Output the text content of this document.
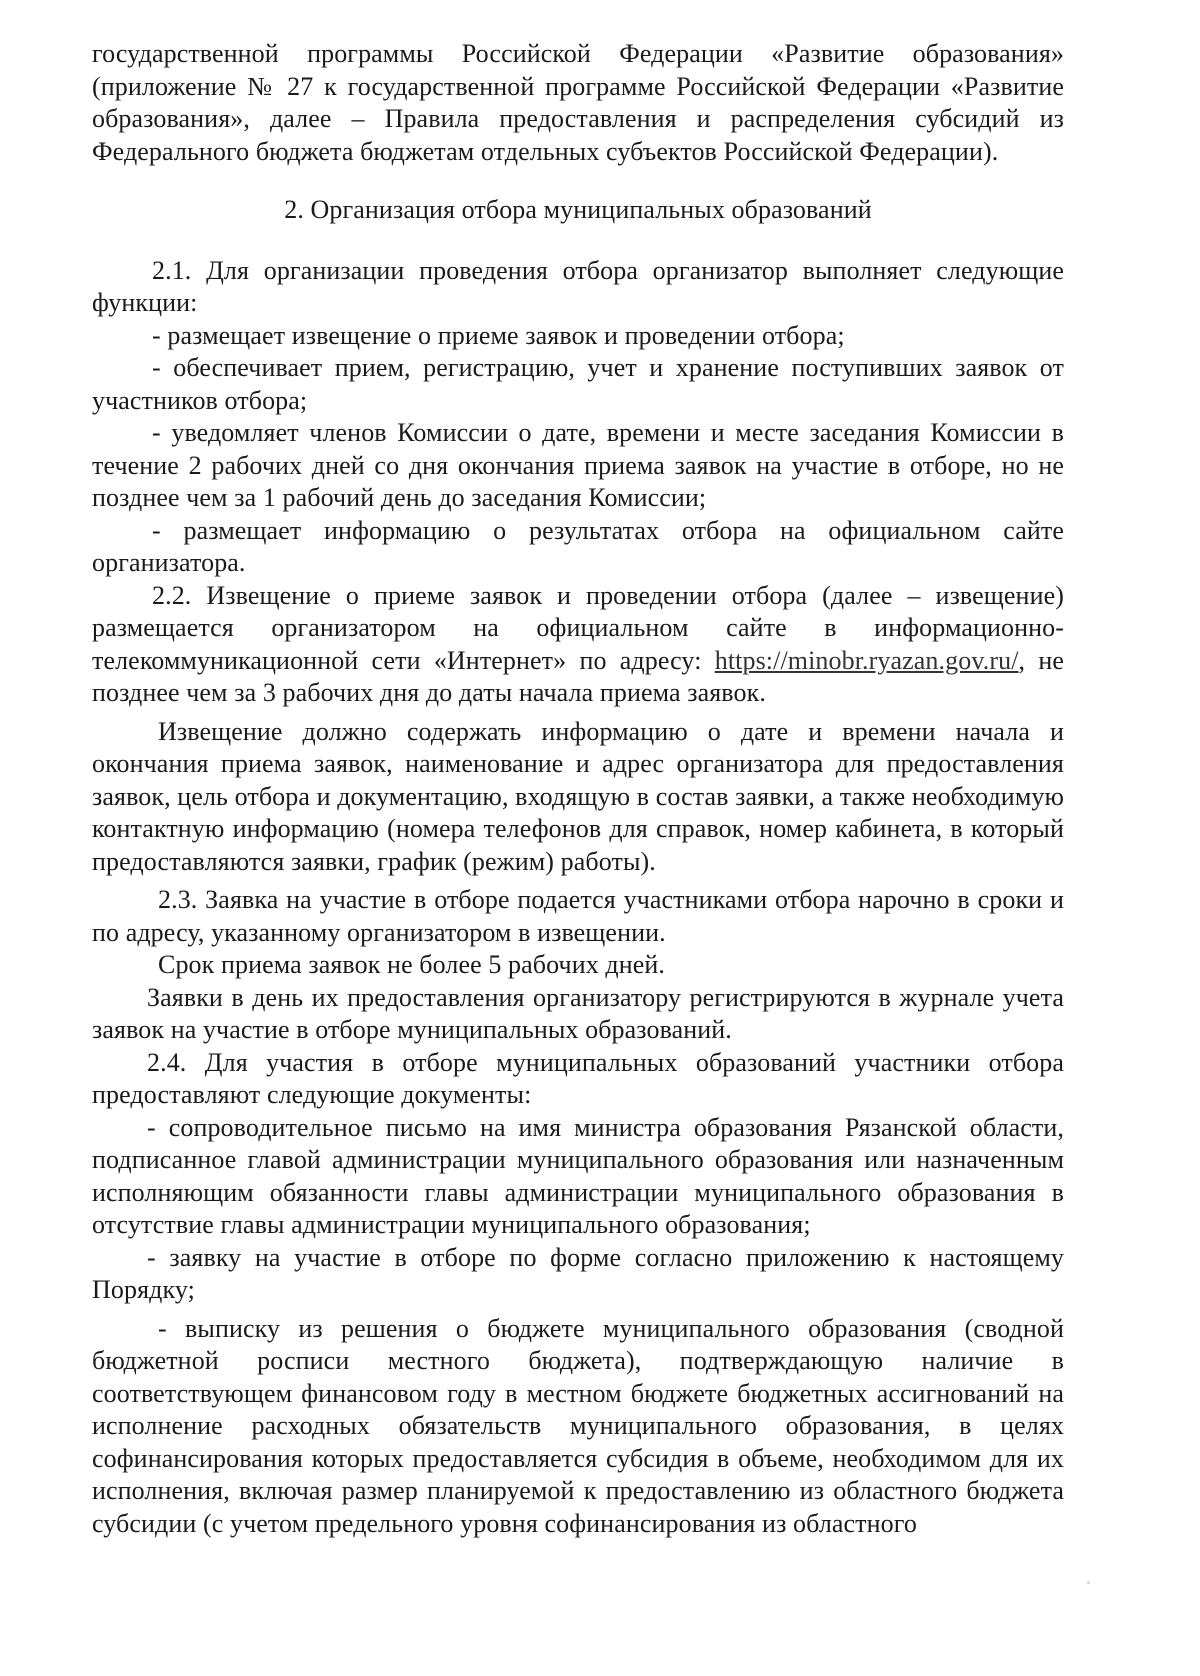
государственной программы Российской Федерации «Развитие образования» (приложение № 27 к государственной программе Российской Федерации «Развитие образования», далее – Правила предоставления и распределения субсидий из Федерального бюджета бюджетам отдельных субъектов Российской Федерации).

2. Организация отбора муниципальных образований

2.1. Для организации проведения отбора организатор выполняет следующие функции:

- размещает извещение о приеме заявок и проведении отбора;

- обеспечивает прием, регистрацию, учет и хранение поступивших заявок от участников отбора;

- уведомляет членов Комиссии о дате, времени и месте заседания Комиссии в течение 2 рабочих дней со дня окончания приема заявок на участие в отборе, но не позднее чем за 1 рабочий день до заседания Комиссии;

- размещает информацию о результатах отбора на официальном сайте организатора.

2.2. Извещение о приеме заявок и проведении отбора (далее – извещение) размещается организатором на официальном сайте в информационно-телекоммуникационной сети «Интернет» по адресу: https://minobr.ryazan.gov.ru/, не позднее чем за 3 рабочих дня до даты начала приема заявок.

Извещение должно содержать информацию о дате и времени начала и окончания приема заявок, наименование и адрес организатора для предоставления заявок, цель отбора и документацию, входящую в состав заявки, а также необходимую контактную информацию (номера телефонов для справок, номер кабинета, в который предоставляются заявки, график (режим) работы).

2.3. Заявка на участие в отборе подается участниками отбора нарочно в сроки и по адресу, указанному организатором в извещении.

Срок приема заявок не более 5 рабочих дней.

Заявки в день их предоставления организатору регистрируются в журнале учета заявок на участие в отборе муниципальных образований.

2.4. Для участия в отборе муниципальных образований участники отбора предоставляют следующие документы:

- сопроводительное письмо на имя министра образования Рязанской области, подписанное главой администрации муниципального образования или назначенным исполняющим обязанности главы администрации муниципального образования в отсутствие главы администрации муниципального образования;

- заявку на участие в отборе по форме согласно приложению к настоящему Порядку;

- выписку из решения о бюджете муниципального образования (сводной бюджетной росписи местного бюджета), подтверждающую наличие в соответствующем финансовом году в местном бюджете бюджетных ассигнований на исполнение расходных обязательств муниципального образования, в целях софинансирования которых предоставляется субсидия в объеме, необходимом для их исполнения, включая размер планируемой к предоставлению из областного бюджета субсидии (с учетом предельного уровня софинансирования из областного
